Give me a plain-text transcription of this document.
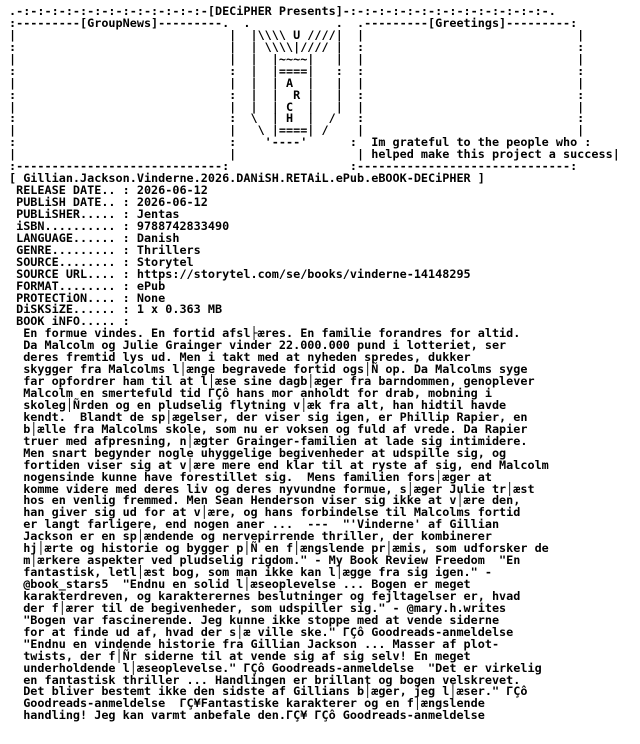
.-:-:-:-:-:-:-:-:-:-:-:-:-:-[DECiPHER Presents]-:-:-:-:-:-:-:-:-:-:-:-:-:-:-.
:---------[GroupNews]---------.  .            .  .---------[Greetings]---------:
|                              |  |\\\\ U ////|  |                              |
:                              |  | \\\\|//// |  :                              :
|                              |  |  |~~~~|   |  |                              |
:                              :  |  |====|   :  :                              :
|                              |  |  | A  |   |  |                              |
:                              :  |  |  R |   |  :                              :
|                              |  |  | C  |   |  |                              |
:                              :  \  | H  |  /   :                              :
|                              |   \ |====| /    |                              |
:                              :    '----'      :  Im grateful to the people who :
|                              |                 | helped make this project a success|
:-----------------------------:                 :------------------------------:
[ Gillian.Jackson.Vinderne.2026.DANiSH.RETAiL.ePub.eBOOK-DECiPHER ]
RELEASE DATE.. : 2026-06-12
PUBLiSH DATE.. : 2026-06-12
PUBLiSHER..... : Jentas
iSBN.......... : 9788742833490
LANGUAGE...... : Danish
GENRE......... : Thrillers
SOURCE........ : Storytel
SOURCE URL.... : https://storytel.com/se/books/vinderne-14148295
FORMAT........ : ePub
PROTECTiON.... : None
DiSKSiZE...... : 1 x 0.363 MB
BOOK iNFO..... :
En formue vindes. En fortid afsl├æres. En familie forandres for altid.
Da Malcolm og Julie Grainger vinder 22.000.000 pund i lotteriet, ser
deres fremtid lys ud. Men i takt med at nyheden spredes, dukker
skygger fra Malcolms l│ænge begravede fortid ogs│Ñ op. Da Malcolms syge
far opfordrer ham til at l│æse sine dagb│æger fra barndommen, genoplever
Malcolm en smertefuld tid ΓÇô hans mor anholdt for drab, mobning i
skoleg│Ñrden og en pludselig flytning v│æk fra alt, han hidtil havde
kendt.  Blandt de sp│ægelser, der viser sig igen, er Phillip Rapier, en
b│ælle fra Malcolms skole, som nu er voksen og fuld af vrede. Da Rapier
truer med afpresning, n│ægter Grainger-familien at lade sig intimidere.
Men snart begynder nogle uhyggelige begivenheder at udspille sig, og
fortiden viser sig at v│ære mere end klar til at ryste af sig, end Malcolm
nogensinde kunne have forestillet sig.  Mens familien fors│æger at
komme videre med deres liv og deres nyvundne formue, s│æger Julie tr│æst
hos en venlig fremmed. Men Sean Henderson viser sig ikke at v│ære den,
han giver sig ud for at v│ære, og hans forbindelse til Malcolms fortid
er langt farligere, end nogen aner ...  ---  "'Vinderne' af Gillian
Jackson er en sp│ændende og nervepirrende thriller, der kombinerer
hj│ærte og historie og bygger p│Ñ en f│ængslende pr│æmis, som udforsker de
m│ærkere aspekter ved pludselig rigdom." - My Book Review Freedom  "En
fantastisk, letl│æst bog, som man ikke kan l│ægge fra sig igen." -
@book_stars5  "Endnu en solid l│æseoplevelse ... Bogen er meget
karakterdreven, og karakterernes beslutninger og fejltagelser er, hvad
der f│ærer til de begivenheder, som udspiller sig." - @mary.h.writes
"Bogen var fascinerende. Jeg kunne ikke stoppe med at vende siderne
for at finde ud af, hvad der s│æ ville ske." ΓÇô Goodreads-anmeldelse
"Endnu en vindende historie fra Gillian Jackson ... Masser af plot-
twists, der f│Ñr siderne til at vende sig af sig selv! En meget
underholdende l│æseoplevelse." ΓÇô Goodreads-anmeldelse  "Det er virkelig
en fantastisk thriller ... Handlingen er brillant og bogen velskrevet.
Det bliver bestemt ikke den sidste af Gillians b│æger, jeg l│æser." ΓÇô
Goodreads-anmeldelse  ΓÇ¥Fantastiske karakterer og en f│ængslende
handling! Jeg kan varmt anbefale den.ΓÇ¥ ΓÇô Goodreads-anmeldelse
